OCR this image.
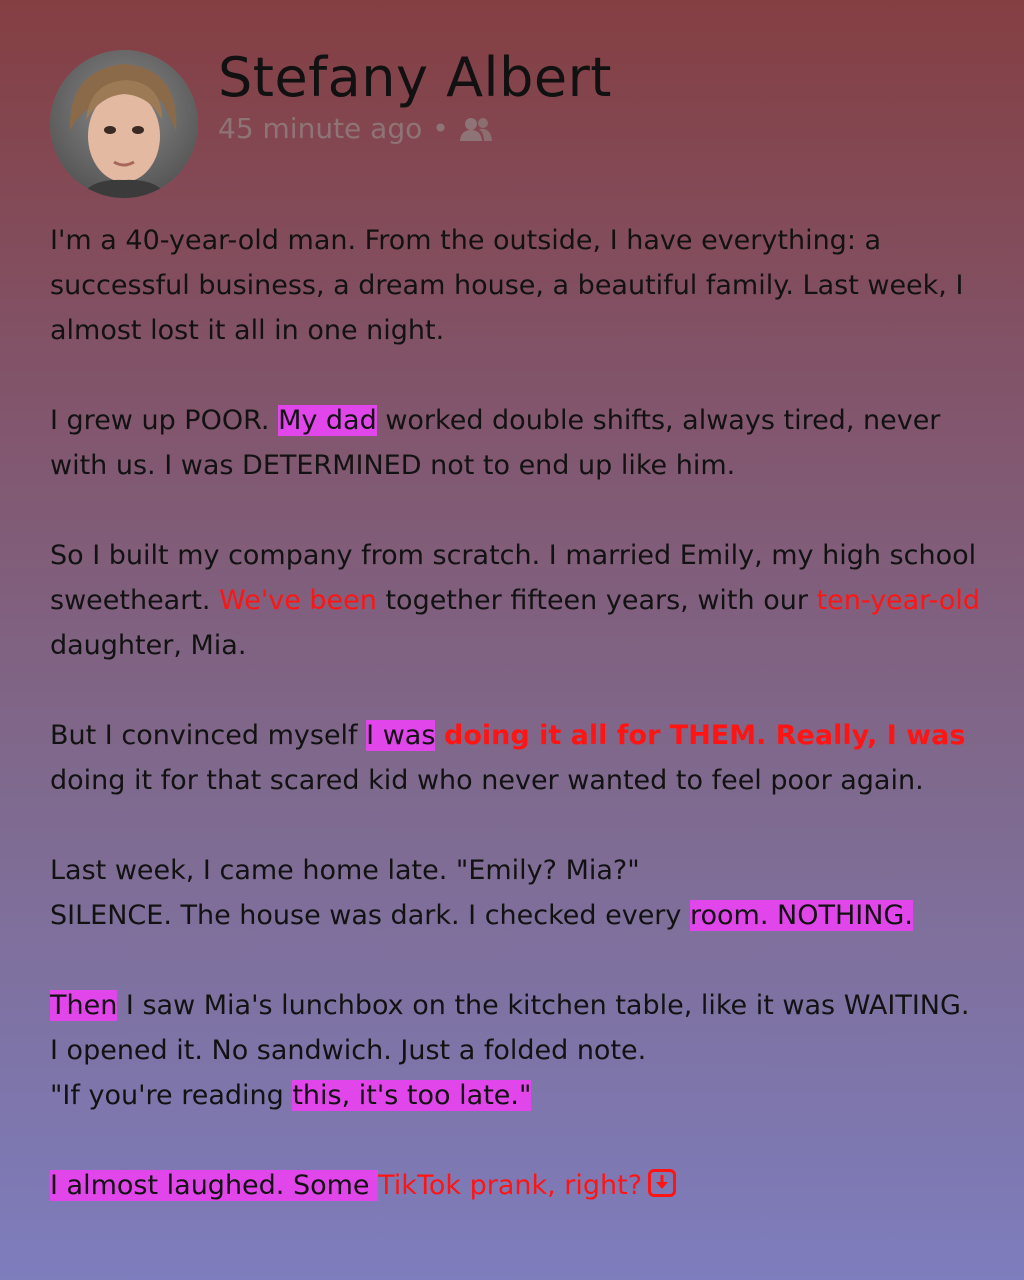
Stefany Albert
45 minute ago •

I'm a 40-year-old man. From the outside, I have everything: a successful business, a dream house, a beautiful family. Last week, I almost lost it all in one night.

I grew up POOR. My dad worked double shifts, always tired, never with us. I was DETERMINED not to end up like him.

So I built my company from scratch. I married Emily, my high school sweetheart. We've been together fifteen years, with our ten-year-old daughter, Mia.

But I convinced myself I was doing it all for THEM. Really, I was doing it for that scared kid who never wanted to feel poor again.

Last week, I came home late. "Emily? Mia?"
SILENCE. The house was dark. I checked every room. NOTHING.

Then I saw Mia's lunchbox on the kitchen table, like it was WAITING.
I opened it. No sandwich. Just a folded note.
"If you're reading this, it's too late."

I almost laughed. Some TikTok prank, right?
